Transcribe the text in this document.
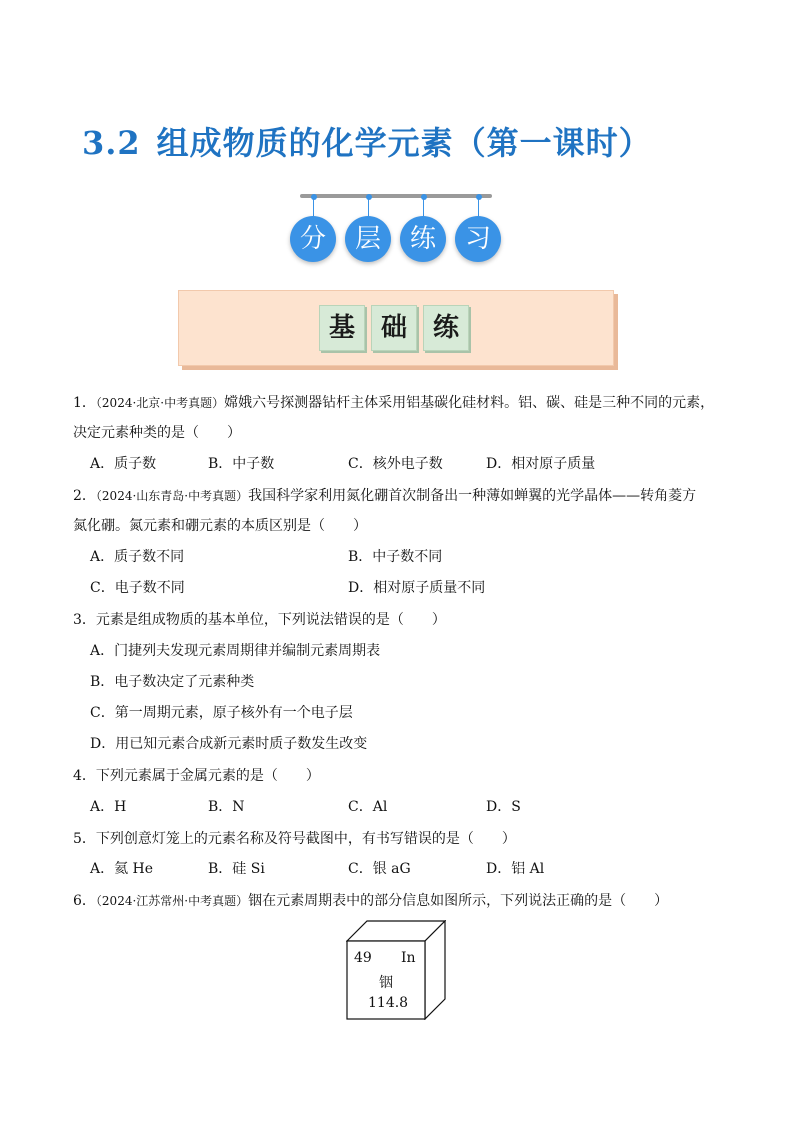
3.2 组成物质的化学元素（第一课时）
分	层	练	习
基 础 练
1．（2024·北京·中考真题）嫦娥六号探测器钻杆主体采用铝基碳化硅材料。铝、碳、硅是三种不同的元素，
决定元素种类的是（　　）
A．质子数	B．中子数	C．核外电子数	D．相对原子质量
2．（2024·山东青岛·中考真题）我国科学家利用氮化硼首次制备出一种薄如蝉翼的光学晶体——转角菱方
氮化硼。氮元素和硼元素的本质区别是（　　）
A．质子数不同	B．中子数不同
C．电子数不同	D．相对原子质量不同
3．元素是组成物质的基本单位，下列说法错误的是（　　）
A．门捷列夫发现元素周期律并编制元素周期表
B．电子数决定了元素种类
C．第一周期元素，原子核外有一个电子层
D．用已知元素合成新元素时质子数发生改变
4．下列元素属于金属元素的是（　　）
A．H	B．N	C．Al	D．S
5．下列创意灯笼上的元素名称及符号截图中，有书写错误的是（　　）
A．氦 He	B．硅 Si	C．银 aG	D．铝 Al
6．（2024·江苏常州·中考真题）铟在元素周期表中的部分信息如图所示，下列说法正确的是（　　）
49 In
铟
114.8
